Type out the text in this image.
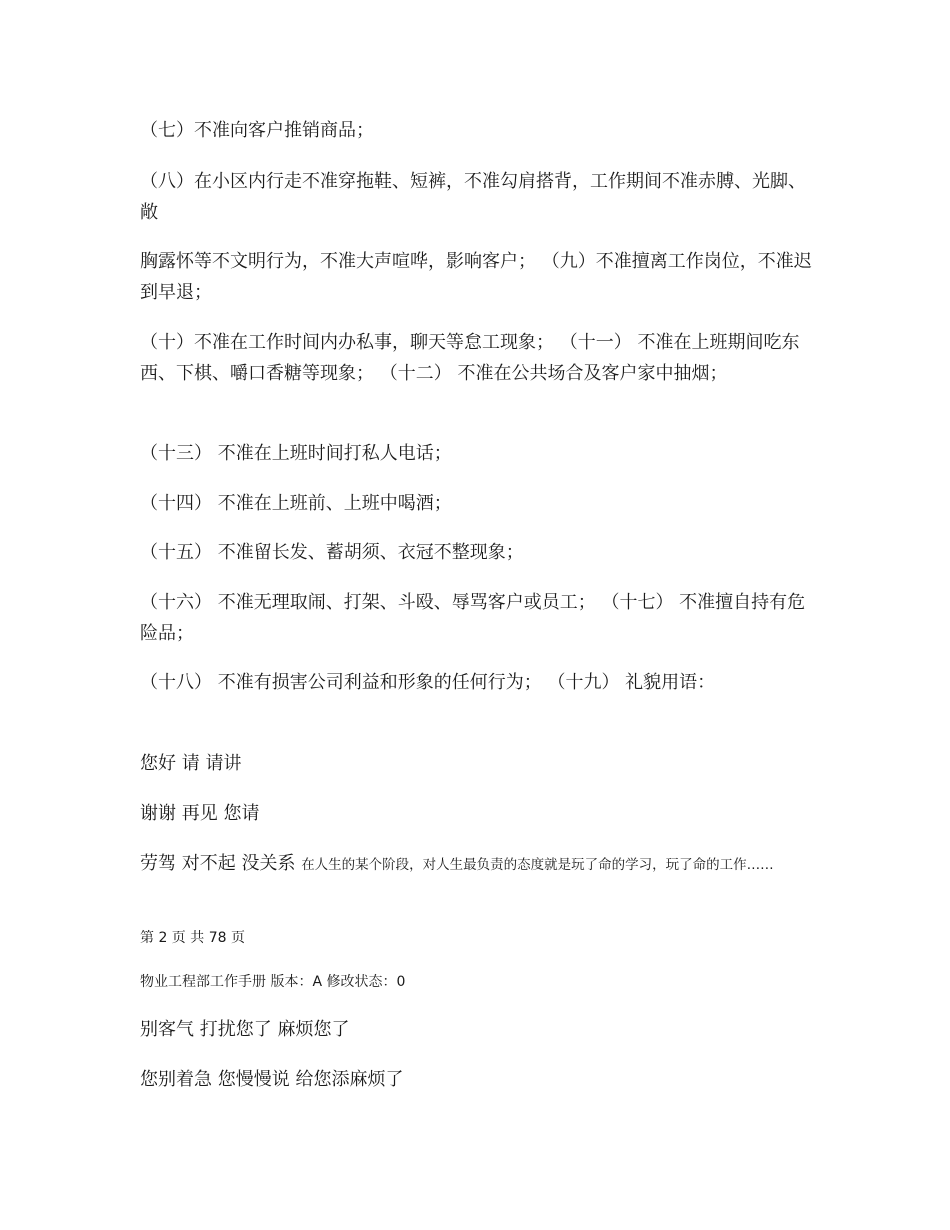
（七）不准向客户推销商品；

（八）在小区内行走不准穿拖鞋、短裤，不准勾肩搭背，工作期间不准赤膊、光脚、敞

胸露怀等不文明行为，不准大声喧哗，影响客户； （九）不准擅离工作岗位，不准迟到早退；

（十）不准在工作时间内办私事，聊天等怠工现象； （十一） 不准在上班期间吃东西、下棋、嚼口香糖等现象； （十二） 不准在公共场合及客户家中抽烟；

（十三） 不准在上班时间打私人电话；

（十四） 不准在上班前、上班中喝酒；

（十五） 不准留长发、蓄胡须、衣冠不整现象；

（十六） 不准无理取闹、打架、斗殴、辱骂客户或员工； （十七） 不准擅自持有危险品；

（十八） 不准有损害公司利益和形象的任何行为； （十九） 礼貌用语：

您好 请 请讲

谢谢 再见 您请

劳驾 对不起 没关系 在人生的某个阶段，对人生最负责的态度就是玩了命的学习，玩了命的工作……

第 2 页 共 78 页

物业工程部工作手册 版本：A 修改状态：0

别客气 打扰您了 麻烦您了

您别着急 您慢慢说 给您添麻烦了
